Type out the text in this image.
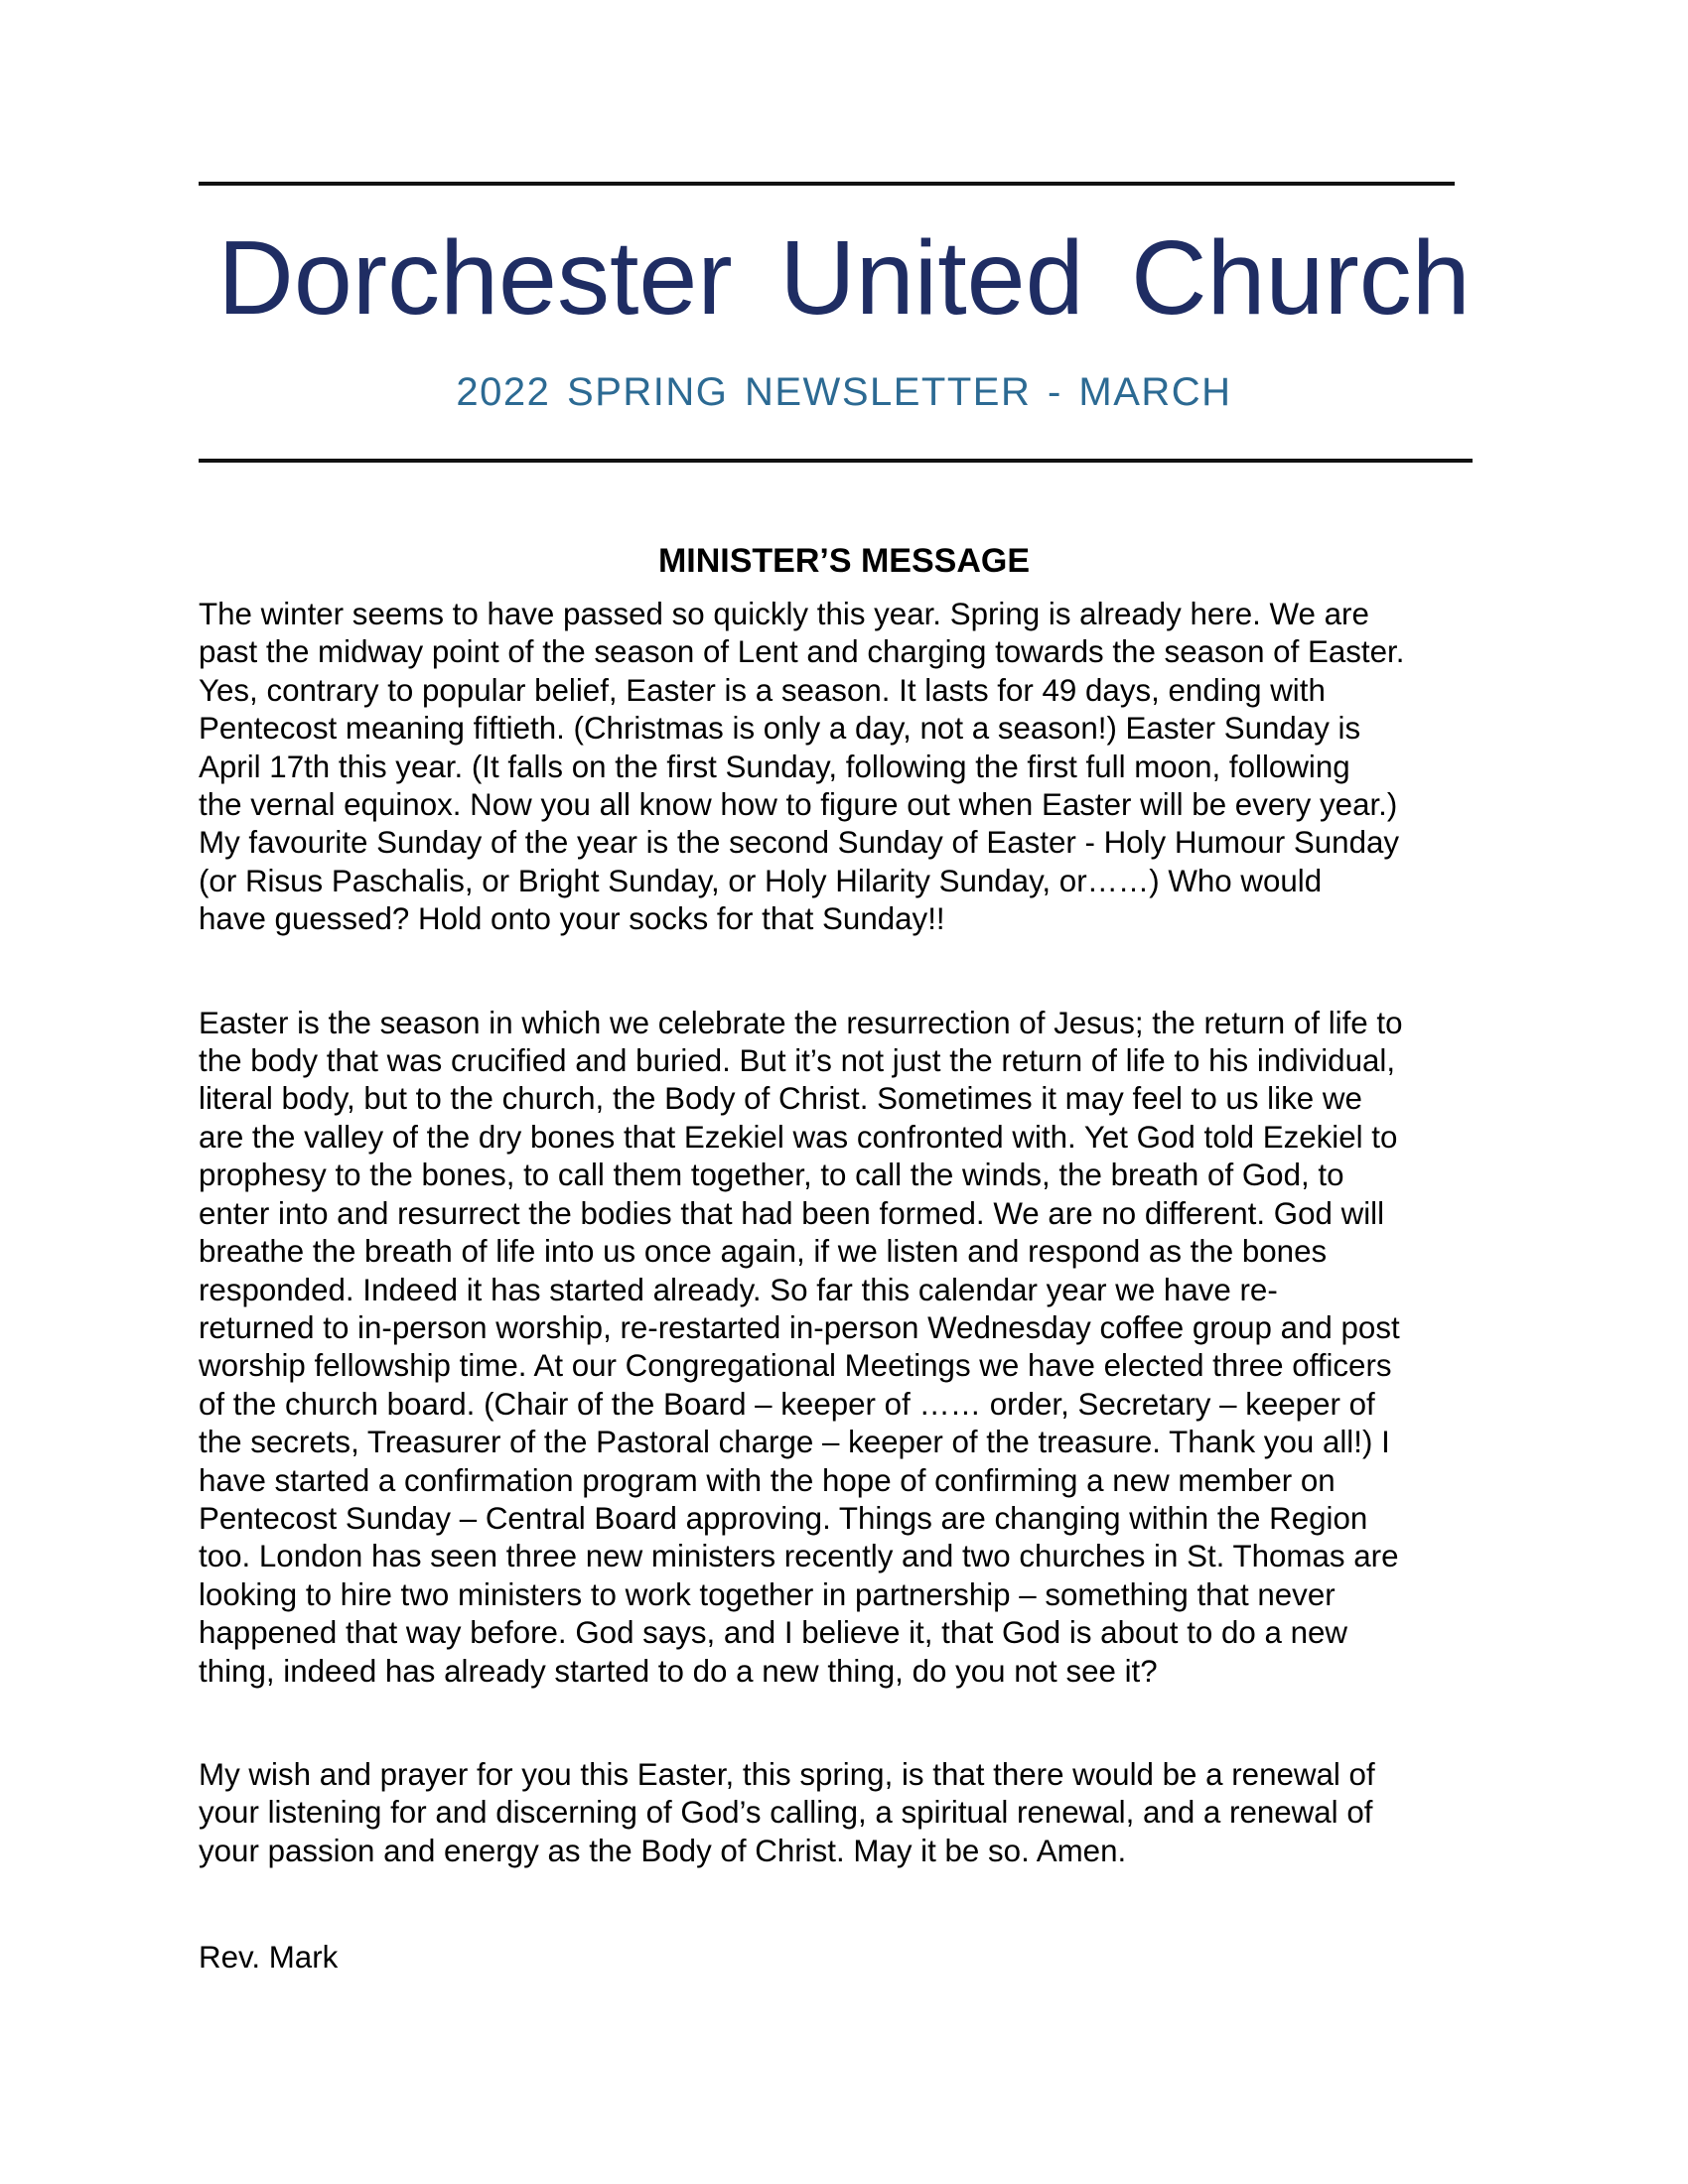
Dorchester United Church
2022 SPRING NEWSLETTER - MARCH
MINISTER’S MESSAGE

The winter seems to have passed so quickly this year. Spring is already here. We are
past the midway point of the season of Lent and charging towards the season of Easter.
Yes, contrary to popular belief, Easter is a season. It lasts for 49 days, ending with
Pentecost meaning fiftieth. (Christmas is only a day, not a season!) Easter Sunday is
April 17th this year. (It falls on the first Sunday, following the first full moon, following
the vernal equinox. Now you all know how to figure out when Easter will be every year.)
My favourite Sunday of the year is the second Sunday of Easter - Holy Humour Sunday
(or Risus Paschalis, or Bright Sunday, or Holy Hilarity Sunday, or……) Who would
have guessed? Hold onto your socks for that Sunday!!

Easter is the season in which we celebrate the resurrection of Jesus; the return of life to
the body that was crucified and buried. But it’s not just the return of life to his individual,
literal body, but to the church, the Body of Christ. Sometimes it may feel to us like we
are the valley of the dry bones that Ezekiel was confronted with. Yet God told Ezekiel to
prophesy to the bones, to call them together, to call the winds, the breath of God, to
enter into and resurrect the bodies that had been formed. We are no different. God will
breathe the breath of life into us once again, if we listen and respond as the bones
responded. Indeed it has started already. So far this calendar year we have re-
returned to in-person worship, re-restarted in-person Wednesday coffee group and post
worship fellowship time. At our Congregational Meetings we have elected three officers
of the church board. (Chair of the Board – keeper of …… order, Secretary – keeper of
the secrets, Treasurer of the Pastoral charge – keeper of the treasure. Thank you all!) I
have started a confirmation program with the hope of confirming a new member on
Pentecost Sunday – Central Board approving. Things are changing within the Region
too. London has seen three new ministers recently and two churches in St. Thomas are
looking to hire two ministers to work together in partnership – something that never
happened that way before. God says, and I believe it, that God is about to do a new
thing, indeed has already started to do a new thing, do you not see it?

My wish and prayer for you this Easter, this spring, is that there would be a renewal of
your listening for and discerning of God’s calling, a spiritual renewal, and a renewal of
your passion and energy as the Body of Christ. May it be so. Amen.

Rev. Mark
